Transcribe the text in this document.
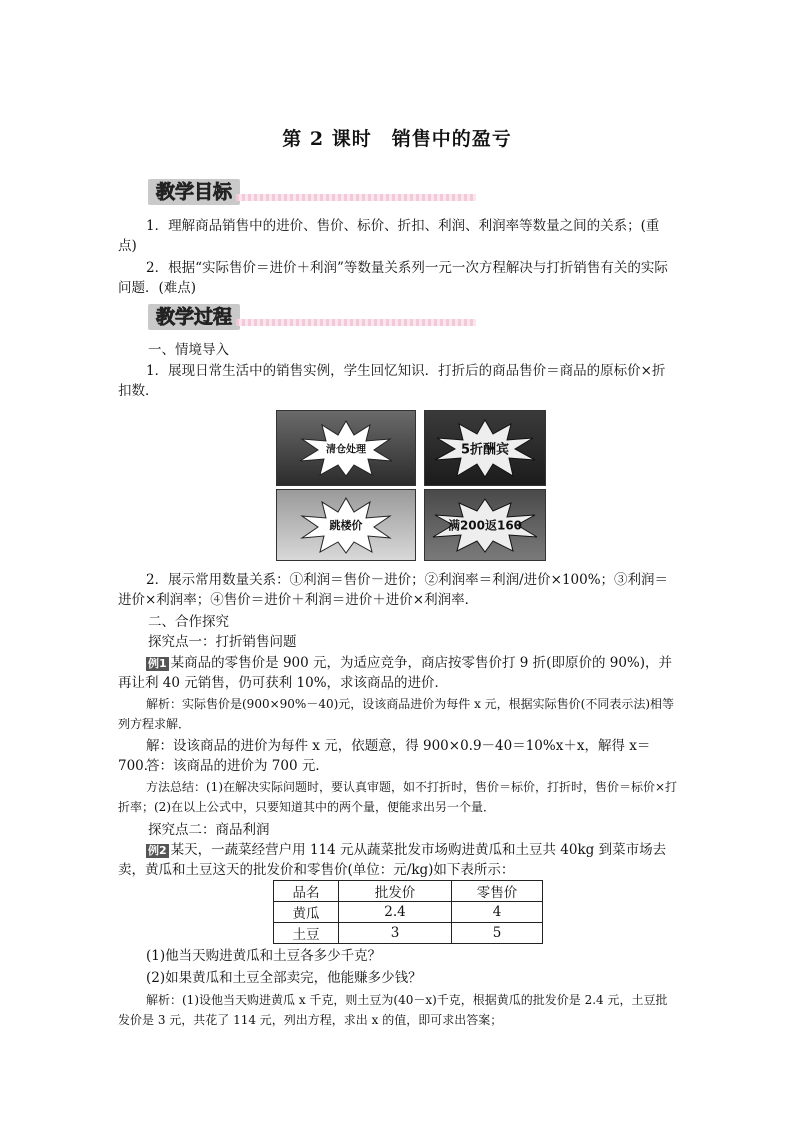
第 2 课时　销售中的盈亏
教学目标
1．理解商品销售中的进价、售价、标价、折扣、利润、利润率等数量之间的关系；(重点)
2．根据“实际售价＝进价＋利润”等数量关系列一元一次方程解决与打折销售有关的实际问题．(难点)
教学过程
一、情境导入
1．展现日常生活中的销售实例，学生回忆知识．打折后的商品售价＝商品的原标价×折扣数．
清仓处理	5折酬宾
跳楼价	满200返160
2．展示常用数量关系：①利润＝售价－进价；②利润率＝利润/进价×100%；③利润＝进价×利润率；④售价＝进价＋利润＝进价＋进价×利润率．
二、合作探究
探究点一：打折销售问题
例1 某商品的零售价是 900 元，为适应竞争，商店按零售价打 9 折(即原价的 90%)，并再让利 40 元销售，仍可获利 10%，求该商品的进价．
解析：实际售价是(900×90%－40)元，设该商品进价为每件 x 元，根据实际售价(不同表示法)相等列方程求解．
解：设该商品的进价为每件 x 元，依题意，得 900×0.9－40＝10%x＋x，解得 x＝700．
答：该商品的进价为 700 元．
方法总结：(1)在解决实际问题时，要认真审题，如不打折时，售价＝标价，打折时，售价＝标价×打折率；(2)在以上公式中，只要知道其中的两个量，便能求出另一个量．
探究点二：商品利润
例2 某天，一蔬菜经营户用 114 元从蔬菜批发市场购进黄瓜和土豆共 40kg 到菜市场去卖，黄瓜和土豆这天的批发价和零售价(单位：元/kg)如下表所示：
品名	批发价	零售价
黄瓜	2.4	4
土豆	3	5
(1)他当天购进黄瓜和土豆各多少千克？
(2)如果黄瓜和土豆全部卖完，他能赚多少钱？
解析：(1)设他当天购进黄瓜 x 千克，则土豆为(40－x)千克，根据黄瓜的批发价是 2.4 元，土豆批发价是 3 元，共花了 114 元，列出方程，求出 x 的值，即可求出答案；
